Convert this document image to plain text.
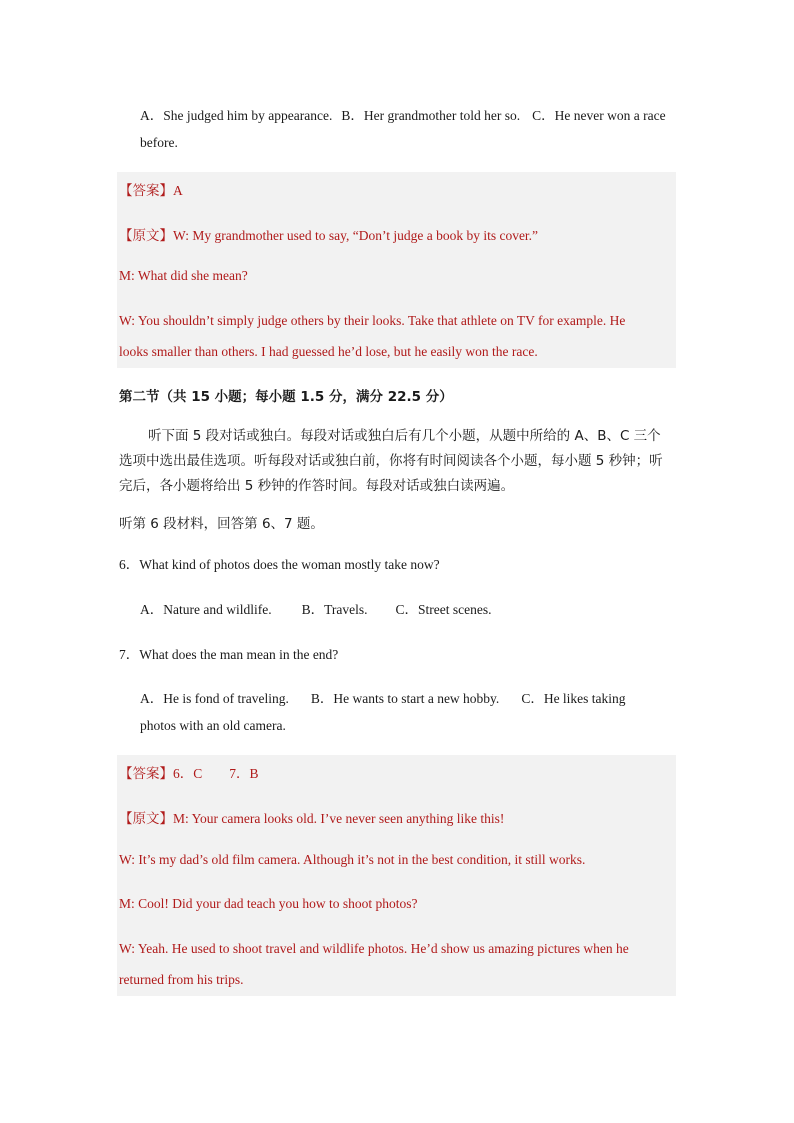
A．She judged him by appearance. B．Her grandmother told her so. C．He never won a race
before.
【答案】A
【原文】W: My grandmother used to say, “Don’t judge a book by its cover.”
M: What did she mean?
W: You shouldn’t simply judge others by their looks. Take that athlete on TV for example. He
looks smaller than others. I had guessed he’d lose, but he easily won the race.
第二节（共 15 小题；每小题 1.5 分，满分 22.5 分）
听下面 5 段对话或独白。每段对话或独白后有几个小题，从题中所给的 A、B、C 三个
选项中选出最佳选项。听每段对话或独白前，你将有时间阅读各个小题，每小题 5 秒钟；听
完后，各小题将给出 5 秒钟的作答时间。每段对话或独白读两遍。
听第 6 段材料，回答第 6、7 题。
6．What kind of photos does the woman mostly take now?
A．Nature and wildlife. B．Travels. C．Street scenes.
7．What does the man mean in the end?
A．He is fond of traveling. B．He wants to start a new hobby. C．He likes taking
photos with an old camera.
【答案】6．C　　7．B
【原文】M: Your camera looks old. I’ve never seen anything like this!
W: It’s my dad’s old film camera. Although it’s not in the best condition, it still works.
M: Cool! Did your dad teach you how to shoot photos?
W: Yeah. He used to shoot travel and wildlife photos. He’d show us amazing pictures when he
returned from his trips.
